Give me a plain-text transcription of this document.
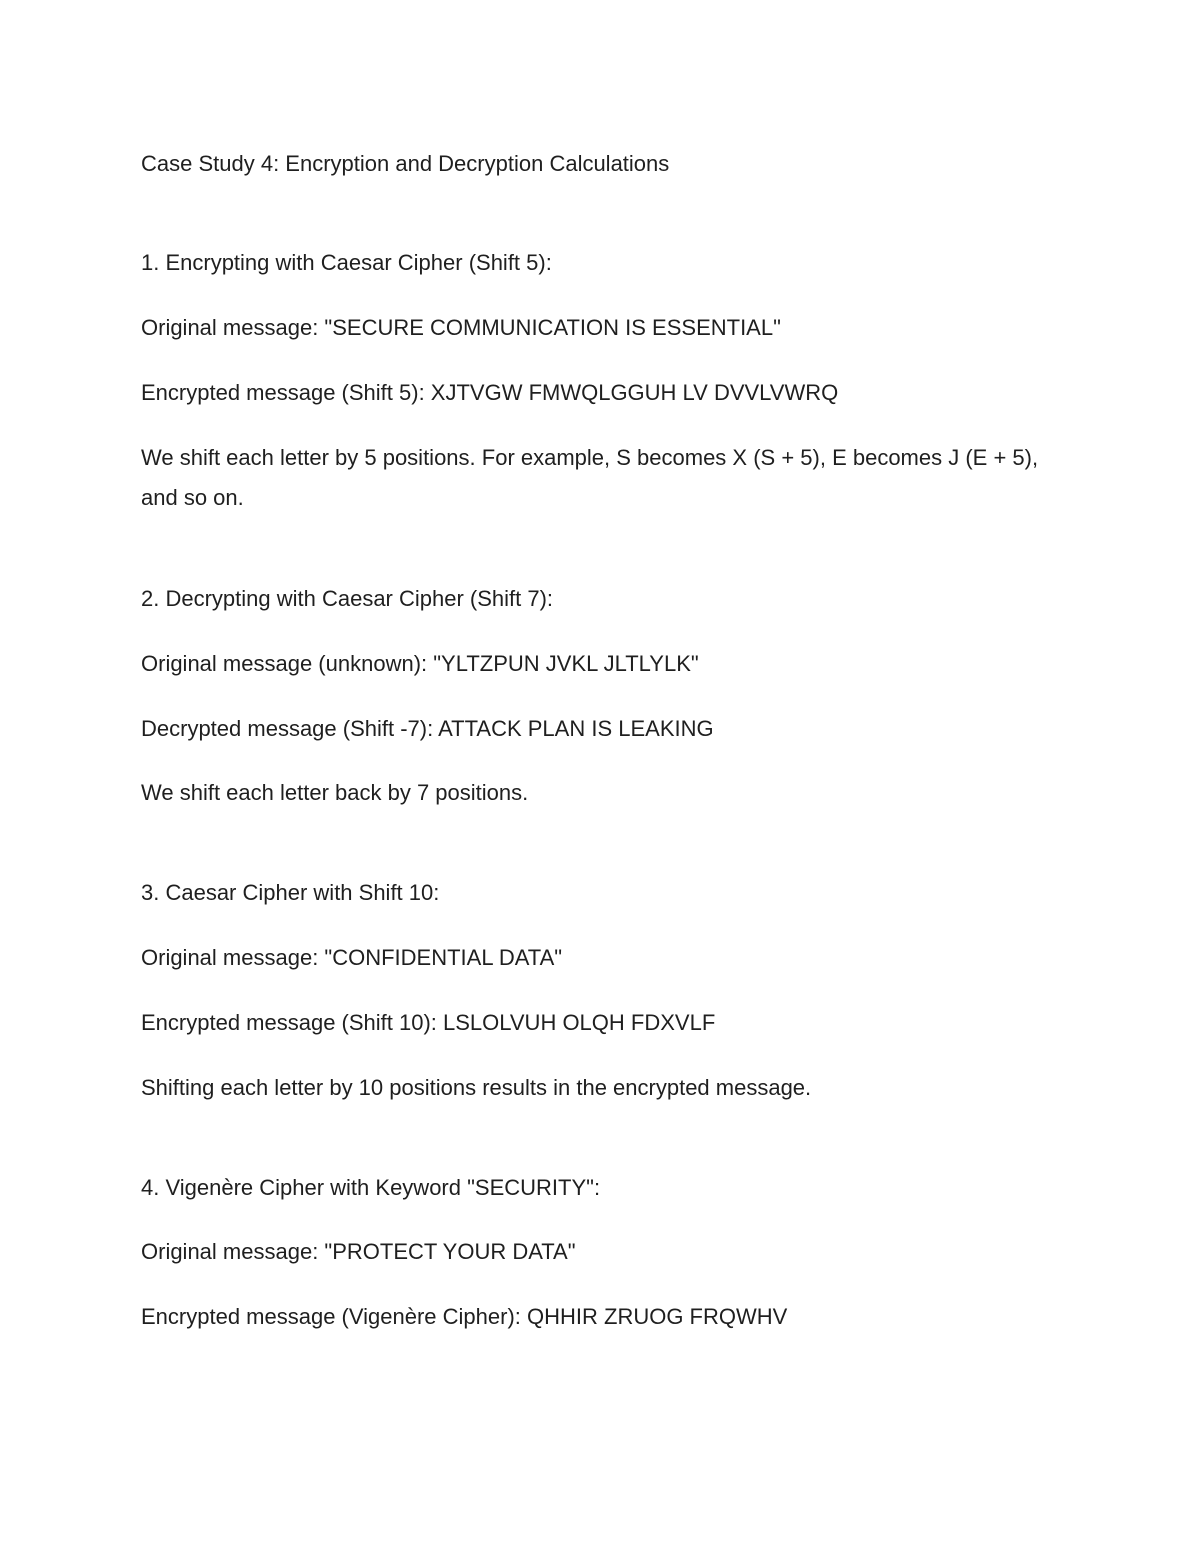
Case Study 4: Encryption and Decryption Calculations

1. Encrypting with Caesar Cipher (Shift 5):

Original message: "SECURE COMMUNICATION IS ESSENTIAL"

Encrypted message (Shift 5): XJTVGW FMWQLGGUH LV DVVLVWRQ

We shift each letter by 5 positions. For example, S becomes X (S + 5), E becomes J (E + 5), and so on.

2. Decrypting with Caesar Cipher (Shift 7):

Original message (unknown): "YLTZPUN JVKL JLTLYLK"

Decrypted message (Shift -7): ATTACK PLAN IS LEAKING

We shift each letter back by 7 positions.

3. Caesar Cipher with Shift 10:

Original message: "CONFIDENTIAL DATA"

Encrypted message (Shift 10): LSLOLVUH OLQH FDXVLF

Shifting each letter by 10 positions results in the encrypted message.

4. Vigenère Cipher with Keyword "SECURITY":

Original message: "PROTECT YOUR DATA"

Encrypted message (Vigenère Cipher): QHHIR ZRUOG FRQWHV
